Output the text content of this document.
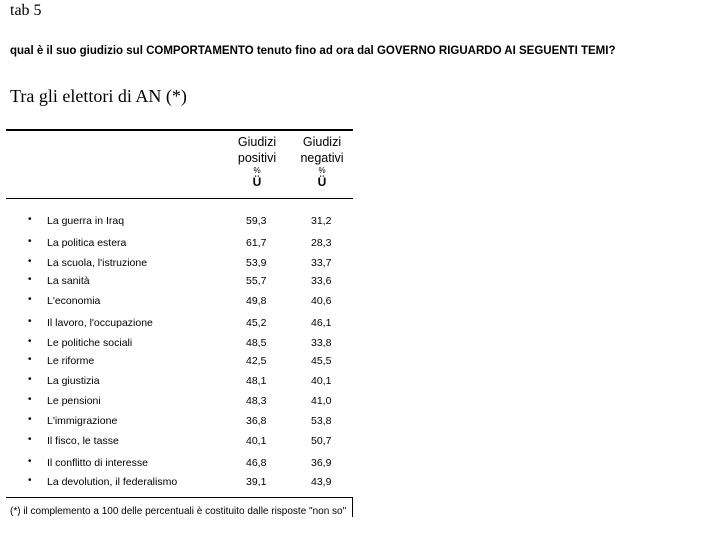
tab 5
qual è il suo giudizio sul COMPORTAMENTO tenuto fino ad ora dal GOVERNO RIGUARDO AI SEGUENTI TEMI?
Tra gli elettori di AN (*)
Giudizi
positivi
%
Ü
Giudizi
negativi
%
Ü
• La guerra in Iraq	59,3	31,2
• La politica estera	61,7	28,3
• La scuola, l'istruzione	53,9	33,7
• La sanità	55,7	33,6
• L'economia	49,8	40,6
• Il lavoro, l'occupazione	45,2	46,1
• Le politiche sociali	48,5	33,8
• Le riforme	42,5	45,5
• La giustizia	48,1	40,1
• Le pensioni	48,3	41,0
• L'immigrazione	36,8	53,8
• Il fisco, le tasse	40,1	50,7
• Il conflitto di interesse	46,8	36,9
• La devolution, il federalismo	39,1	43,9
(*) il complemento a 100 delle percentuali è costituito dalle risposte "non so"
